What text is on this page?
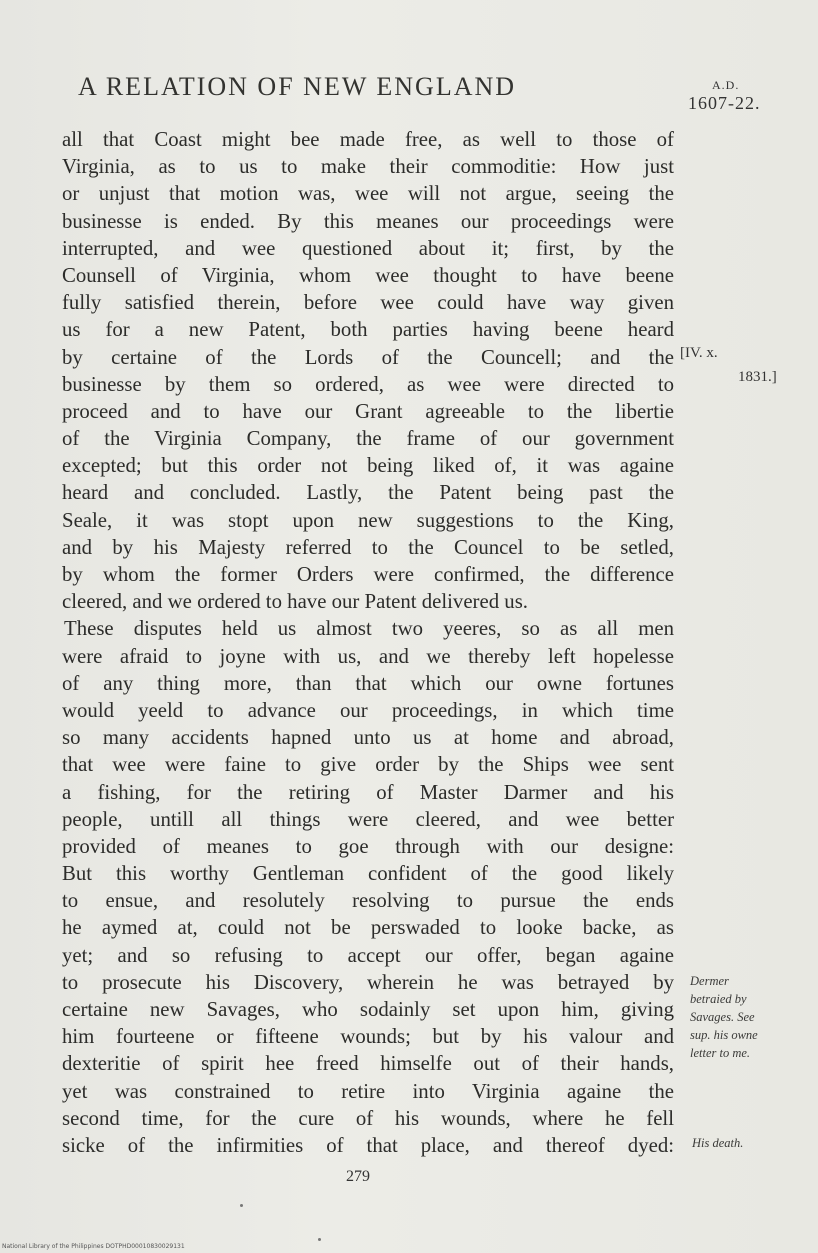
A RELATION OF NEW ENGLAND	A.D.
1607-22.
all that Coast might bee made free, as well to those of
Virginia, as to us to make their commoditie: How just
or unjust that motion was, wee will not argue, seeing the
businesse is ended. By this meanes our proceedings were
interrupted, and wee questioned about it; first, by the
Counsell of Virginia, whom wee thought to have beene
fully satisfied therein, before wee could have way given
us for a new Patent, both parties having beene heard
by certaine of the Lords of the Councell; and the
businesse by them so ordered, as wee were directed to
proceed and to have our Grant agreeable to the libertie
of the Virginia Company, the frame of our government
excepted; but this order not being liked of, it was againe
heard and concluded. Lastly, the Patent being past the
Seale, it was stopt upon new suggestions to the King,
and by his Majesty referred to the Councel to be setled,
by whom the former Orders were confirmed, the difference
cleered, and we ordered to have our Patent delivered us.
These disputes held us almost two yeeres, so as all men
were afraid to joyne with us, and we thereby left hopelesse
of any thing more, than that which our owne fortunes
would yeeld to advance our proceedings, in which time
so many accidents hapned unto us at home and abroad,
that wee were faine to give order by the Ships wee sent
a fishing, for the retiring of Master Darmer and his
people, untill all things were cleered, and wee better
provided of meanes to goe through with our designe:
But this worthy Gentleman confident of the good likely
to ensue, and resolutely resolving to pursue the ends
he aymed at, could not be perswaded to looke backe, as
yet; and so refusing to accept our offer, began againe
to prosecute his Discovery, wherein he was betrayed by
certaine new Savages, who sodainly set upon him, giving
him fourteene or fifteene wounds; but by his valour and
dexteritie of spirit hee freed himselfe out of their hands,
yet was constrained to retire into Virginia againe the
second time, for the cure of his wounds, where he fell
sicke of the infirmities of that place, and thereof dyed:
[IV. x.
1831.]
Dermer
betraied by
Savages. See
sup. his owne
letter to me.
His death.
279
National Library of the Philippines DOTPHD00010830029131
